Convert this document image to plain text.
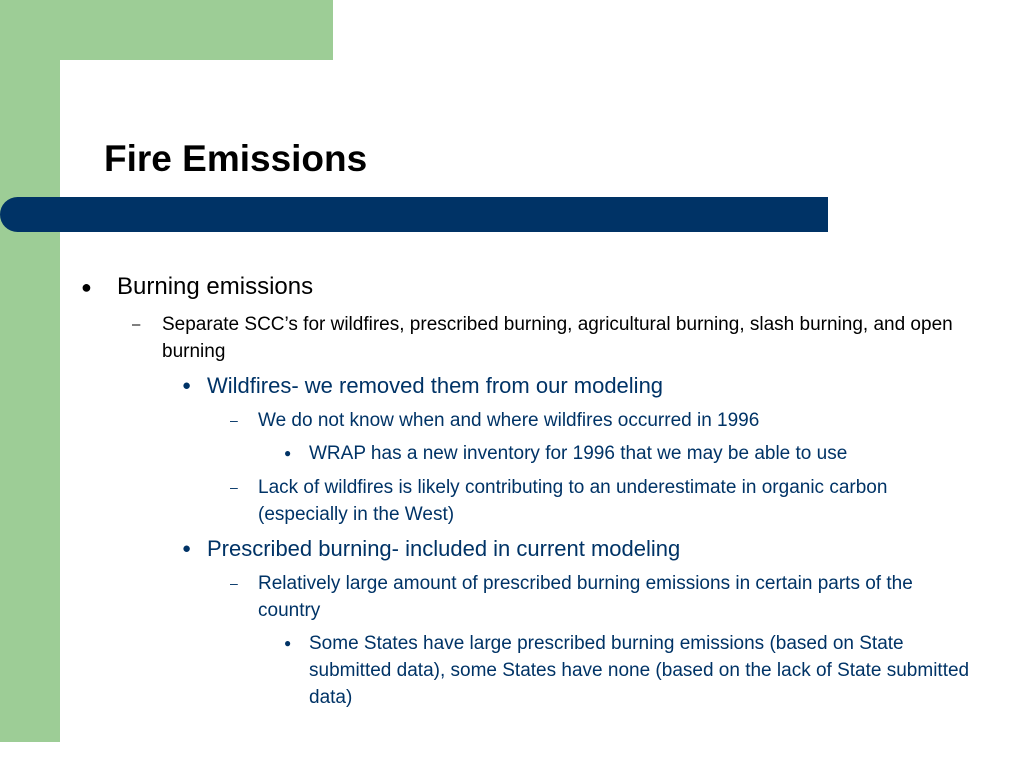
Fire Emissions
● Burning emissions
– Separate SCC’s for wildfires, prescribed burning, agricultural burning, slash burning, and open burning
● Wildfires- we removed them from our modeling
– We do not know when and where wildfires occurred in 1996
● WRAP has a new inventory for 1996 that we may be able to use
– Lack of wildfires is likely contributing to an underestimate in organic carbon (especially in the West)
● Prescribed burning- included in current modeling
– Relatively large amount of prescribed burning emissions in certain parts of the country
● Some States have large prescribed burning emissions (based on State submitted data), some States have none (based on the lack of State submitted data)
